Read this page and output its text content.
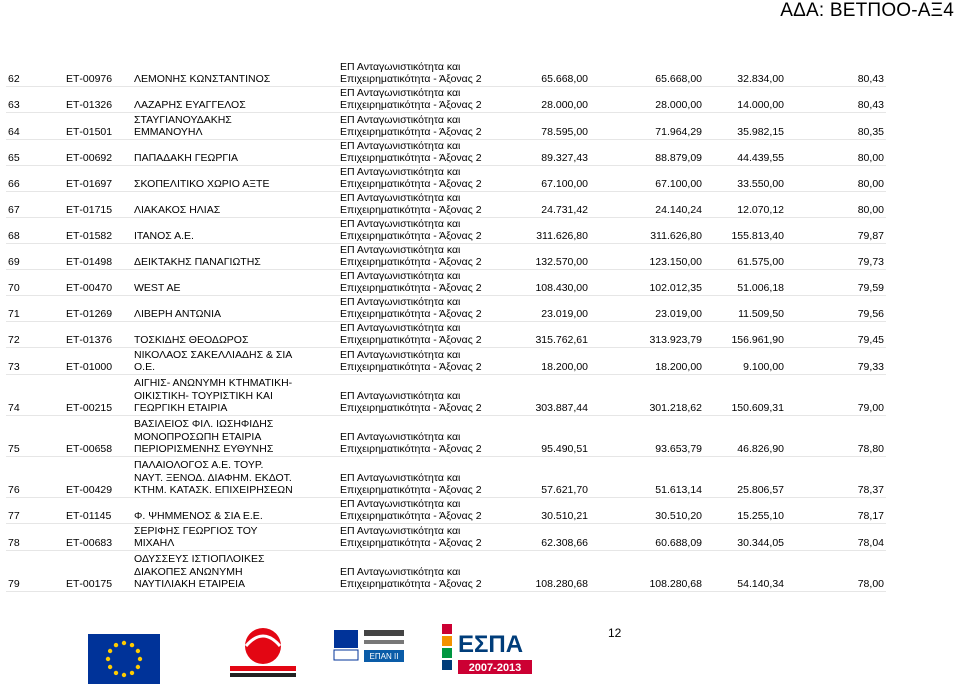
ΑΔΑ: ΒΕΤΠΟΟ-ΑΞ4
62	ΕΤ-00976	ΛΕΜΟΝΗΣ ΚΩΝΣΤΑΝΤΙΝΟΣ	ΕΠ Ανταγωνιστικότητα και
Επιχειρηματικότητα - Άξονας 2	65.668,00	65.668,00	32.834,00	80,43
63	ΕΤ-01326	ΛΑΖΑΡΗΣ ΕΥΑΓΓΕΛΟΣ	ΕΠ Ανταγωνιστικότητα και
Επιχειρηματικότητα - Άξονας 2	28.000,00	28.000,00	14.000,00	80,43
64	ΕΤ-01501	ΣΤΑΥΓΙΑΝΟΥΔΑΚΗΣ
ΕΜΜΑΝΟΥΗΛ	ΕΠ Ανταγωνιστικότητα και
Επιχειρηματικότητα - Άξονας 2	78.595,00	71.964,29	35.982,15	80,35
65	ΕΤ-00692	ΠΑΠΑΔΑΚΗ ΓΕΩΡΓΙΑ	ΕΠ Ανταγωνιστικότητα και
Επιχειρηματικότητα - Άξονας 2	89.327,43	88.879,09	44.439,55	80,00
66	ΕΤ-01697	ΣΚΟΠΕΛΙΤΙΚΟ ΧΩΡΙΟ ΑΞΤΕ	ΕΠ Ανταγωνιστικότητα και
Επιχειρηματικότητα - Άξονας 2	67.100,00	67.100,00	33.550,00	80,00
67	ΕΤ-01715	ΛΙΑΚΑΚΟΣ ΗΛΙΑΣ	ΕΠ Ανταγωνιστικότητα και
Επιχειρηματικότητα - Άξονας 2	24.731,42	24.140,24	12.070,12	80,00
68	ΕΤ-01582	ΙΤΑΝΟΣ Α.Ε.	ΕΠ Ανταγωνιστικότητα και
Επιχειρηματικότητα - Άξονας 2	311.626,80	311.626,80	155.813,40	79,87
69	ΕΤ-01498	ΔΕΙΚΤΑΚΗΣ ΠΑΝΑΓΙΩΤΗΣ	ΕΠ Ανταγωνιστικότητα και
Επιχειρηματικότητα - Άξονας 2	132.570,00	123.150,00	61.575,00	79,73
70	ΕΤ-00470	WEST AE	ΕΠ Ανταγωνιστικότητα και
Επιχειρηματικότητα - Άξονας 2	108.430,00	102.012,35	51.006,18	79,59
71	ΕΤ-01269	ΛΙΒΕΡΗ ΑΝΤΩΝΙΑ	ΕΠ Ανταγωνιστικότητα και
Επιχειρηματικότητα - Άξονας 2	23.019,00	23.019,00	11.509,50	79,56
72	ΕΤ-01376	ΤΟΣΚΙΔΗΣ ΘΕΟΔΩΡΟΣ	ΕΠ Ανταγωνιστικότητα και
Επιχειρηματικότητα - Άξονας 2	315.762,61	313.923,79	156.961,90	79,45
73	ΕΤ-01000	ΝΙΚΟΛΑΟΣ ΣΑΚΕΛΛΙΑΔΗΣ & ΣΙΑ
Ο.Ε.	ΕΠ Ανταγωνιστικότητα και
Επιχειρηματικότητα - Άξονας 2	18.200,00	18.200,00	9.100,00	79,33
74	ΕΤ-00215	ΑΙΓΗΙΣ- ΑΝΩΝΥΜΗ ΚΤΗΜΑΤΙΚΗ-
ΟΙΚΙΣΤΙΚΗ- ΤΟΥΡΙΣΤΙΚΗ ΚΑΙ
ΓΕΩΡΓΙΚΗ ΕΤΑΙΡΙΑ	ΕΠ Ανταγωνιστικότητα και
Επιχειρηματικότητα - Άξονας 2	303.887,44	301.218,62	150.609,31	79,00
75	ΕΤ-00658	ΒΑΣΙΛΕΙΟΣ ΦΙΛ. ΙΩΣΗΦΙΔΗΣ
ΜΟΝΟΠΡΟΣΩΠΗ ΕΤΑΙΡΙΑ
ΠΕΡΙΟΡΙΣΜΕΝΗΣ ΕΥΘΥΝΗΣ	ΕΠ Ανταγωνιστικότητα και
Επιχειρηματικότητα - Άξονας 2	95.490,51	93.653,79	46.826,90	78,80
76	ΕΤ-00429	ΠΑΛΑΙΟΛΟΓΟΣ Α.Ε. ΤΟΥΡ.
ΝΑΥΤ. ΞΕΝΟΔ. ΔΙΑΦΗΜ. ΕΚΔΟΤ.
ΚΤΗΜ. ΚΑΤΑΣΚ. ΕΠΙΧΕΙΡΗΣΕΩΝ	ΕΠ Ανταγωνιστικότητα και
Επιχειρηματικότητα - Άξονας 2	57.621,70	51.613,14	25.806,57	78,37
77	ΕΤ-01145	Φ. ΨΗΜΜΕΝΟΣ & ΣΙΑ Ε.Ε.	ΕΠ Ανταγωνιστικότητα και
Επιχειρηματικότητα - Άξονας 2	30.510,21	30.510,20	15.255,10	78,17
78	ΕΤ-00683	ΣΕΡΙΦΗΣ ΓΕΩΡΓΙΟΣ ΤΟΥ
ΜΙΧΑΗΛ	ΕΠ Ανταγωνιστικότητα και
Επιχειρηματικότητα - Άξονας 2	62.308,66	60.688,09	30.344,05	78,04
79	ΕΤ-00175	ΟΔΥΣΣΕΥΣ ΙΣΤΙΟΠΛΟΙΚΕΣ
ΔΙΑΚΟΠΕΣ ΑΝΩΝΥΜΗ
ΝΑΥΤΙΛΙΑΚΗ ΕΤΑΙΡΕΙΑ	ΕΠ Ανταγωνιστικότητα και
Επιχειρηματικότητα - Άξονας 2	108.280,68	108.280,68	54.140,34	78,00
12
ΕΠΑΝ ΙΙ ΕΣΠΑ
2007-2013
